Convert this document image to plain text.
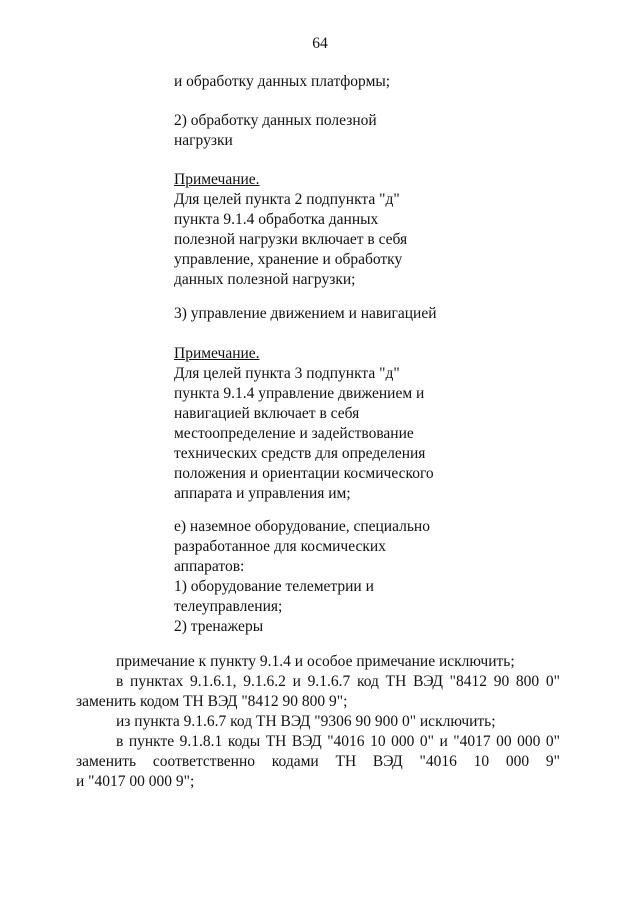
64
и обработку данных платформы;
2) обработку данных полезной
нагрузки
Примечание.
Для целей пункта 2 подпункта "д"
пункта 9.1.4 обработка данных
полезной нагрузки включает в себя
управление, хранение и обработку
данных полезной нагрузки;
3) управление движением и навигацией
Примечание.
Для целей пункта 3 подпункта "д"
пункта 9.1.4 управление движением и
навигацией включает в себя
местоопределение и задействование
технических средств для определения
положения и ориентации космического
аппарата и управления им;
е) наземное оборудование, специально
разработанное для космических
аппаратов:
1) оборудование телеметрии и
телеуправления;
2) тренажеры
примечание к пункту 9.1.4 и особое примечание исключить;
в пунктах 9.1.6.1, 9.1.6.2 и 9.1.6.7 код ТН ВЭД "8412 90 800 0"
заменить кодом ТН ВЭД "8412 90 800 9";
из пункта 9.1.6.7 код ТН ВЭД "9306 90 900 0" исключить;
в пункте 9.1.8.1 коды ТН ВЭД "4016 10 000 0" и "4017 00 000 0"
заменить соответственно кодами ТН ВЭД "4016 10 000 9"
и "4017 00 000 9";
